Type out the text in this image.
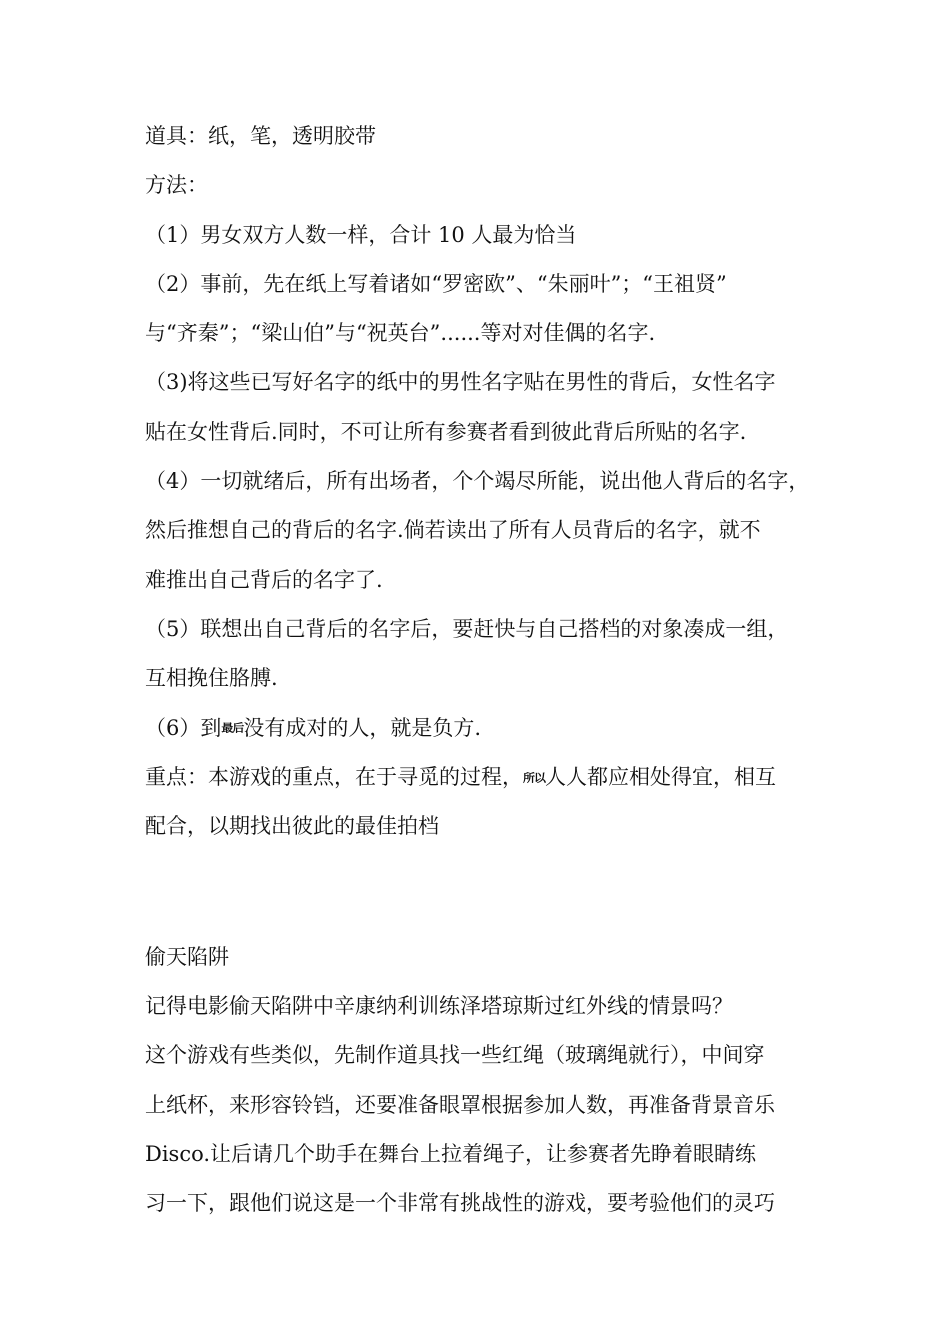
道具：纸，笔，透明胶带
方法：
（1）男女双方人数一样，合计 10 人最为恰当
（2）事前，先在纸上写着诸如“罗密欧”、“朱丽叶”；“王祖贤”
与“齐秦”；“梁山伯”与“祝英台”......等对对佳偶的名字.
（3)将这些已写好名字的纸中的男性名字贴在男性的背后，女性名字
贴在女性背后.同时，不可让所有参赛者看到彼此背后所贴的名字.
（4）一切就绪后，所有出场者，个个竭尽所能，说出他人背后的名字，
然后推想自己的背后的名字.倘若读出了所有人员背后的名字，就不
难推出自己背后的名字了.
（5）联想出自己背后的名字后，要赶快与自己搭档的对象凑成一组，
互相挽住胳膊.
（6）到最后没有成对的人，就是负方.
重点：本游戏的重点，在于寻觅的过程，所以人人都应相处得宜，相互
配合，以期找出彼此的最佳拍档
偷天陷阱
记得电影偷天陷阱中辛康纳利训练泽塔琼斯过红外线的情景吗？
这个游戏有些类似，先制作道具找一些红绳（玻璃绳就行），中间穿
上纸杯，来形容铃铛，还要准备眼罩根据参加人数，再准备背景音乐
Disco.让后请几个助手在舞台上拉着绳子，让参赛者先睁着眼睛练
习一下，跟他们说这是一个非常有挑战性的游戏，要考验他们的灵巧
